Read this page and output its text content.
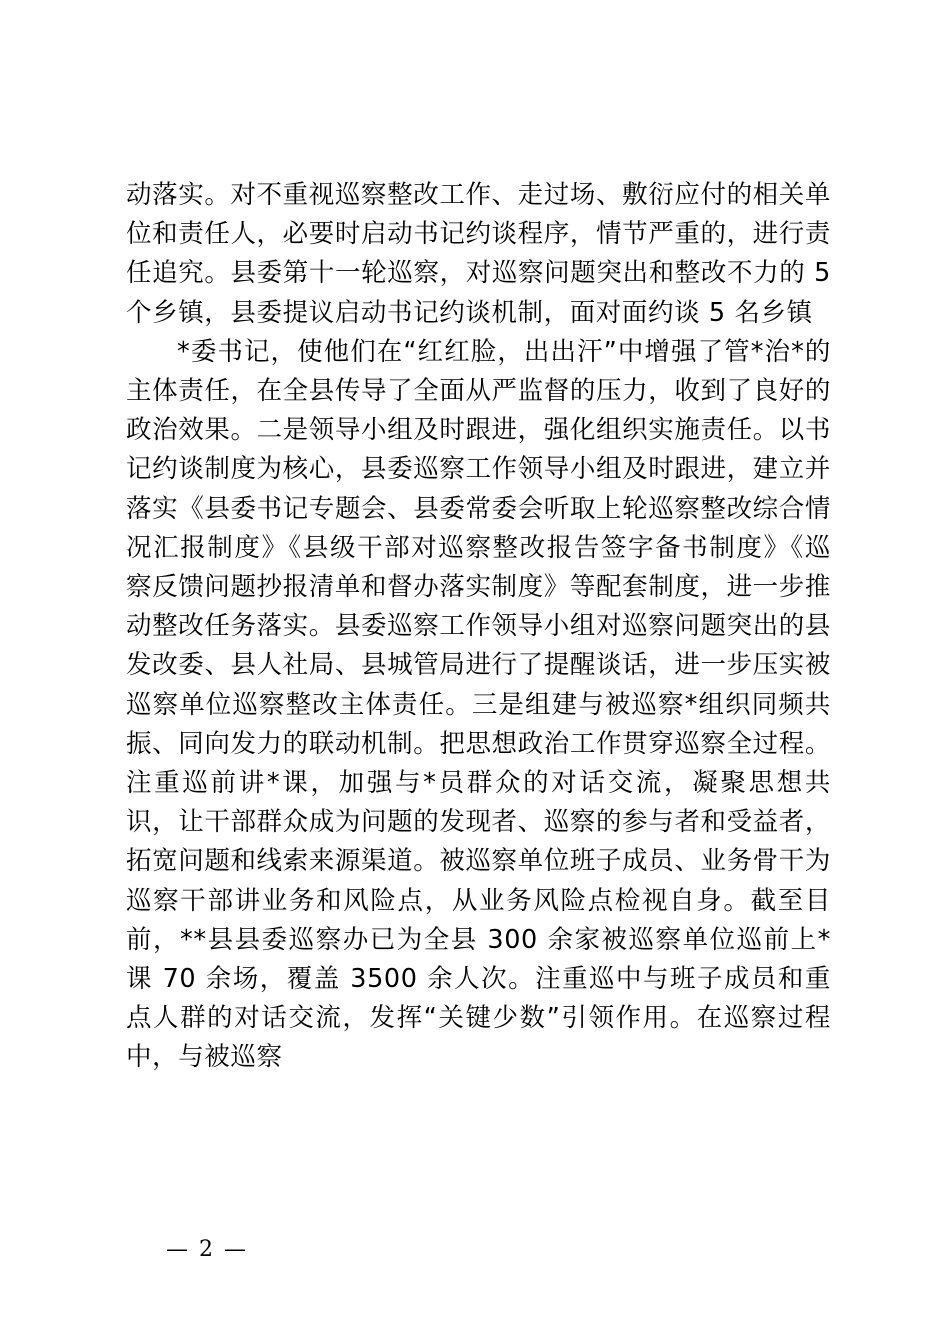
动落实。对不重视巡察整改工作、走过场、敷衍应付的相关单位和责任人，必要时启动书记约谈程序，情节严重的，进行责任追究。县委第十一轮巡察，对巡察问题突出和整改不力的 5 个乡镇，县委提议启动书记约谈机制，面对面约谈 5 名乡镇

*委书记，使他们在“红红脸，出出汗”中增强了管*治*的主体责任，在全县传导了全面从严监督的压力，收到了良好的政治效果。二是领导小组及时跟进，强化组织实施责任。以书记约谈制度为核心，县委巡察工作领导小组及时跟进，建立并落实《县委书记专题会、县委常委会听取上轮巡察整改综合情况汇报制度》《县级干部对巡察整改报告签字备书制度》《巡察反馈问题抄报清单和督办落实制度》等配套制度，进一步推动整改任务落实。县委巡察工作领导小组对巡察问题突出的县发改委、县人社局、县城管局进行了提醒谈话，进一步压实被巡察单位巡察整改主体责任。三是组建与被巡察*组织同频共振、同向发力的联动机制。把思想政治工作贯穿巡察全过程。注重巡前讲*课，加强与*员群众的对话交流，凝聚思想共识，让干部群众成为问题的发现者、巡察的参与者和受益者，拓宽问题和线索来源渠道。被巡察单位班子成员、业务骨干为巡察干部讲业务和风险点，从业务风险点检视自身。截至目前，**县县委巡察办已为全县 300 余家被巡察单位巡前上*课 70 余场，覆盖 3500 余人次。注重巡中与班子成员和重点人群的对话交流，发挥“关键少数”引领作用。在巡察过程中，与被巡察

— 2 —
